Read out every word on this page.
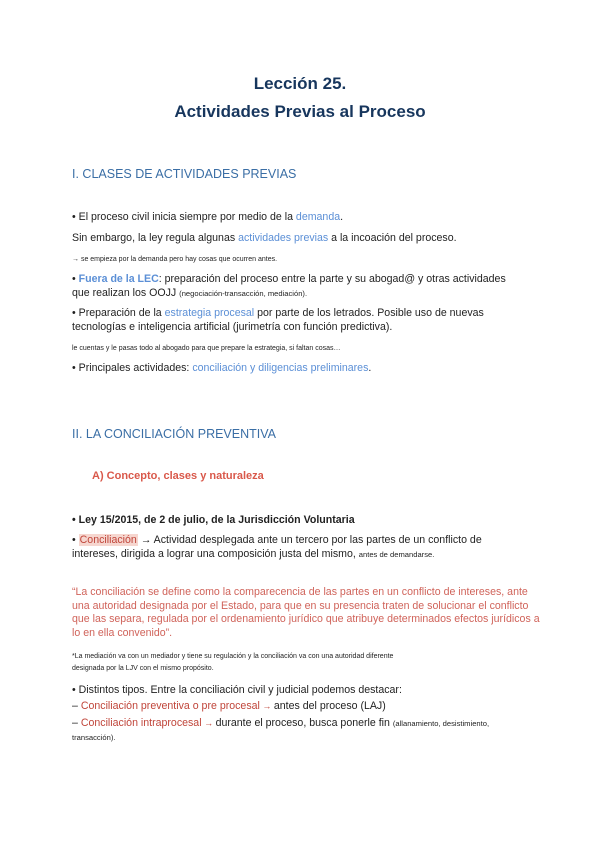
Lección 25.
Actividades Previas al Proceso
I. CLASES DE ACTIVIDADES PREVIAS
• El proceso civil inicia siempre por medio de la demanda.
Sin embargo, la ley regula algunas actividades previas a la incoación del proceso.
→ se empieza por la demanda pero hay cosas que ocurren antes.
• Fuera de la LEC: preparación del proceso entre la parte y su abogad@ y otras actividades
que realizan los OOJJ (negociación-transacción, mediación).
• Preparación de la estrategia procesal por parte de los letrados. Posible uso de nuevas
tecnologías e inteligencia artificial (jurimetría con función predictiva).
le cuentas y le pasas todo al abogado para que prepare la estrategia, si faltan cosas…
• Principales actividades: conciliación y diligencias preliminares.
II. LA CONCILIACIÓN PREVENTIVA
A) Concepto, clases y naturaleza
• Ley 15/2015, de 2 de julio, de la Jurisdicción Voluntaria
• Conciliación → Actividad desplegada ante un tercero por las partes de un conflicto de
intereses, dirigida a lograr una composición justa del mismo, antes de demandarse.
“La conciliación se define como la comparecencia de las partes en un conflicto de intereses, ante una autoridad designada por el Estado, para que en su presencia traten de solucionar el conflicto que las separa, regulada por el ordenamiento jurídico que atribuye determinados efectos jurídicos a lo en ella convenido”.
*La mediación va con un mediador y tiene su regulación y la conciliación va con una autoridad diferente
designada por la LJV con el mismo propósito.
• Distintos tipos. Entre la conciliación civil y judicial podemos destacar:
– Conciliación preventiva o pre procesal → antes del proceso (LAJ)
– Conciliación intraprocesal → durante el proceso, busca ponerle fin (allanamiento, desistimiento,
transacción).
